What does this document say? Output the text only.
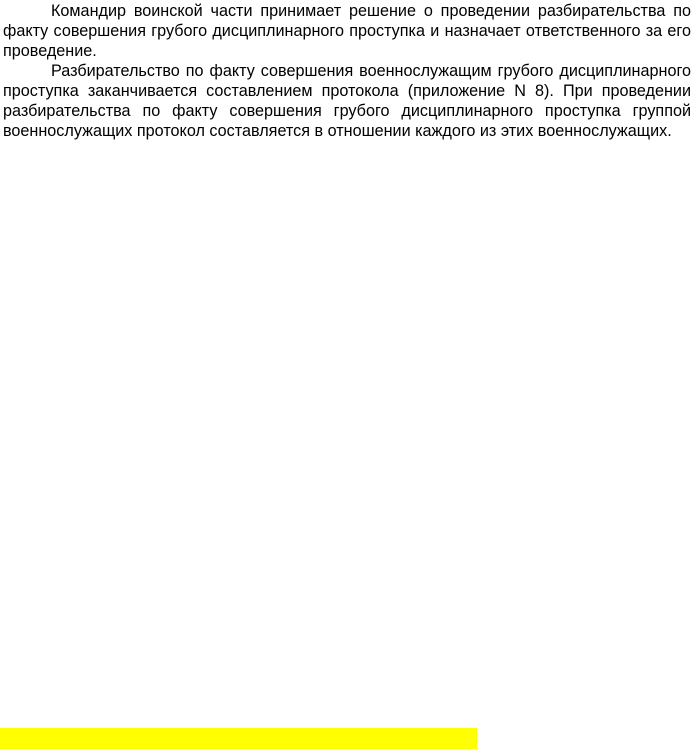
Командир воинской части принимает решение о проведении разбирательства по факту совершения грубого дисциплинарного проступка и назначает ответственного за его проведение.

Разбирательство по факту совершения военнослужащим грубого дисциплинарного проступка заканчивается составлением протокола (приложение N 8). При проведении разбирательства по факту совершения грубого дисциплинарного проступка группой военнослужащих протокол составляется в отношении каждого из этих военнослужащих.
